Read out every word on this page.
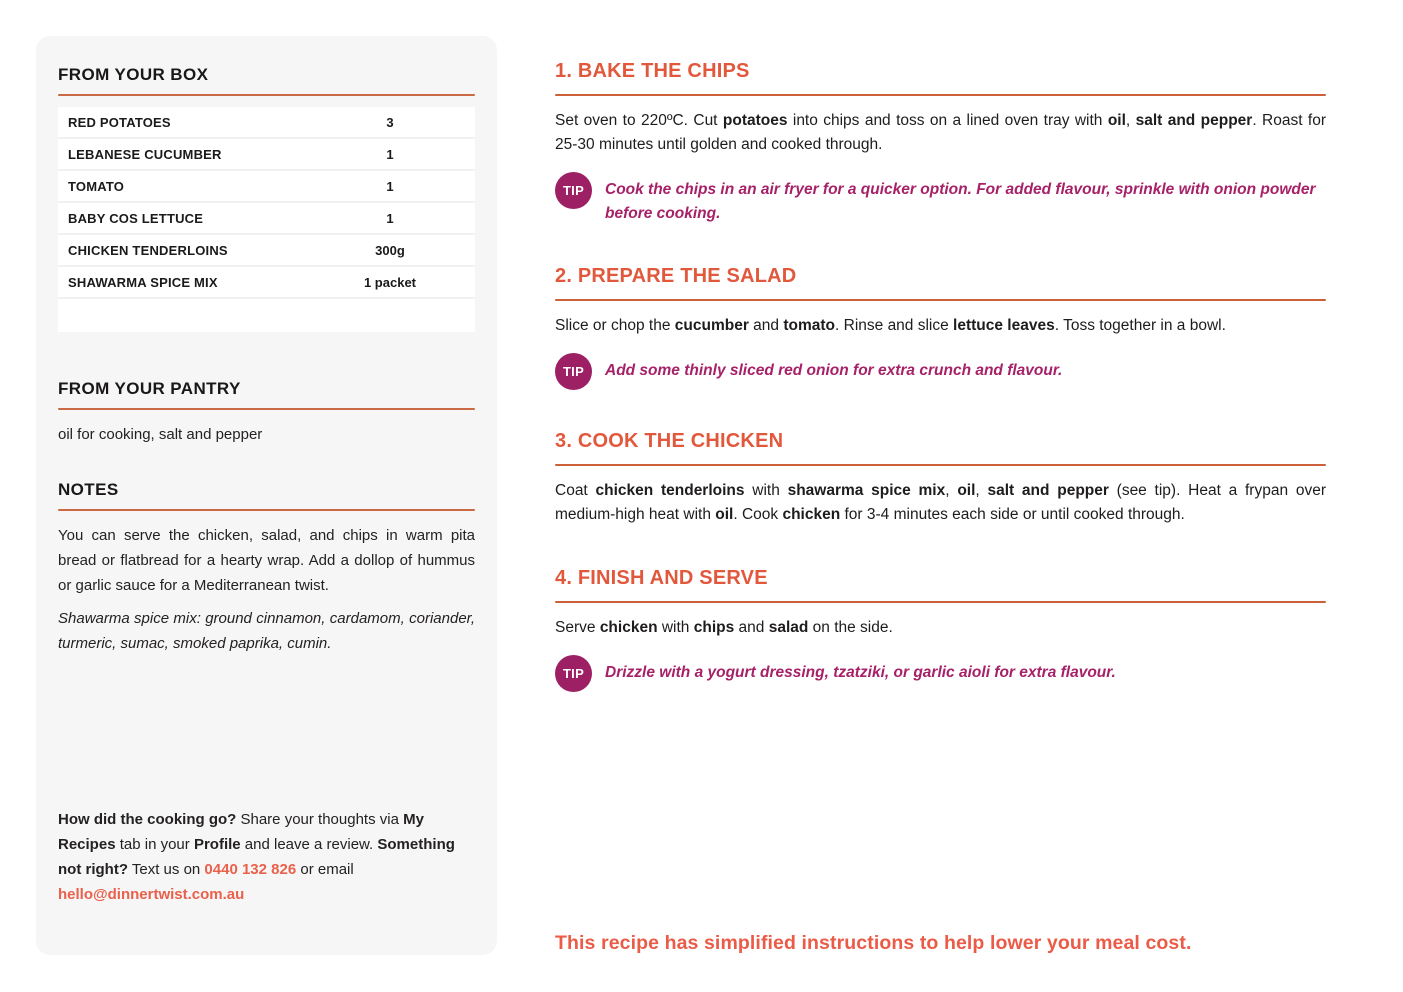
FROM YOUR BOX
RED POTATOES	3
LEBANESE CUCUMBER	1
TOMATO	1
BABY COS LETTUCE	1
CHICKEN TENDERLOINS	300g
SHAWARMA SPICE MIX	1 packet
FROM YOUR PANTRY

oil for cooking, salt and pepper

NOTES

You can serve the chicken, salad, and chips in warm pita bread or flatbread for a hearty wrap. Add a dollop of hummus or garlic sauce for a Mediterranean twist.

Shawarma spice mix: ground cinnamon, cardamom, coriander, turmeric, sumac, smoked paprika, cumin.

How did the cooking go? Share your thoughts via My Recipes tab in your Profile and leave a review. Something not right? Text us on 0440 132 826 or email hello@dinnertwist.com.au

1. BAKE THE CHIPS

Set oven to 220ºC. Cut potatoes into chips and toss on a lined oven tray with oil, salt and pepper. Roast for 25-30 minutes until golden and cooked through.

TIP	Cook the chips in an air fryer for a quicker option. For added flavour, sprinkle with onion powder before cooking.

2. PREPARE THE SALAD

Slice or chop the cucumber and tomato. Rinse and slice lettuce leaves. Toss together in a bowl.

TIP	Add some thinly sliced red onion for extra crunch and flavour.

3. COOK THE CHICKEN

Coat chicken tenderloins with shawarma spice mix, oil, salt and pepper (see tip). Heat a frypan over medium-high heat with oil. Cook chicken for 3-4 minutes each side or until cooked through.

4. FINISH AND SERVE

Serve chicken with chips and salad on the side.

TIP	Drizzle with a yogurt dressing, tzatziki, or garlic aioli for extra flavour.

This recipe has simplified instructions to help lower your meal cost.
